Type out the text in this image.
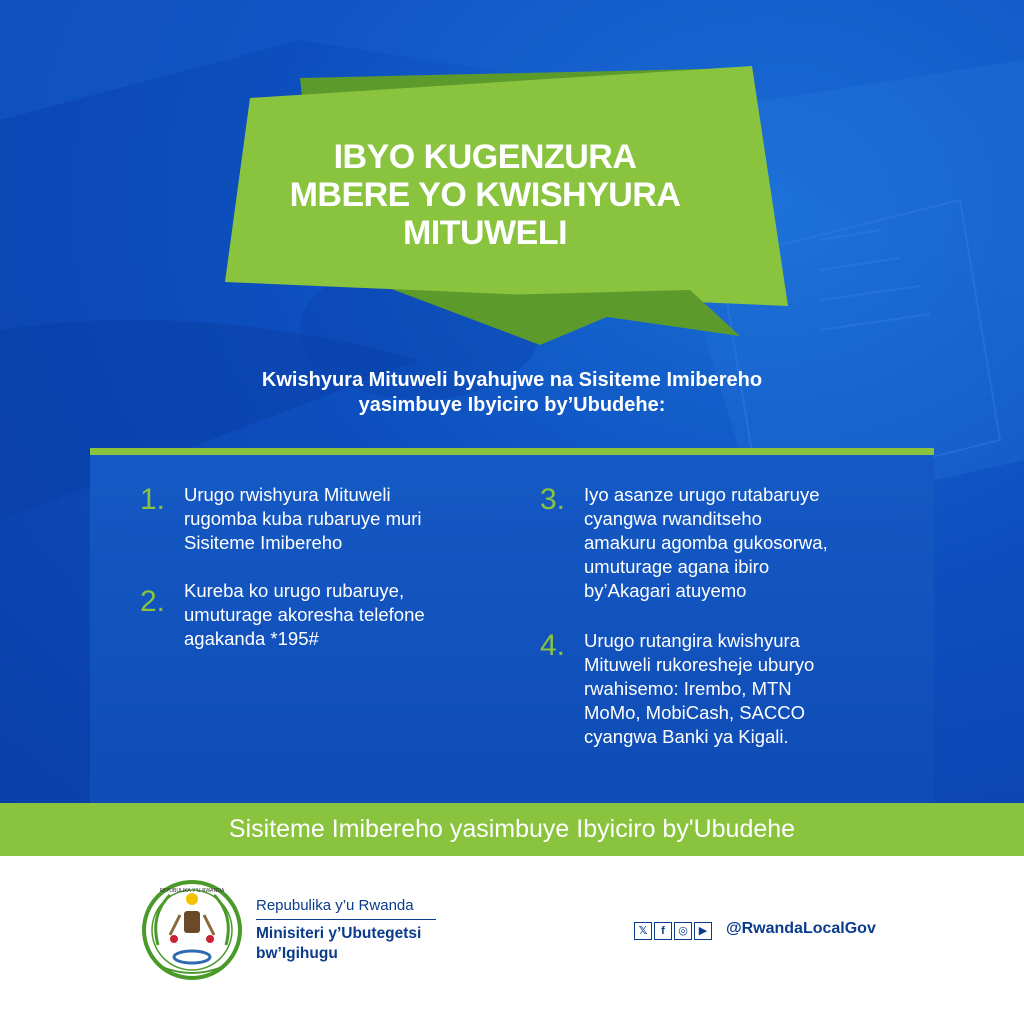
IBYO KUGENZURA
MBERE YO KWISHYURA
MITUWELI
Kwishyura Mituweli byahujwe na Sisiteme Imibereho
yasimbuye Ibyiciro by’Ubudehe:
1.	Urugo rwishyura Mituweli
rugomba kuba rubaruye muri
Sisiteme Imibereho
2.	Kureba ko urugo rubaruye,
umuturage akoresha telefone
agakanda *195#
3.	Iyo asanze urugo rutabaruye
cyangwa rwanditseho
amakuru agomba gukosorwa,
umuturage agana ibiro
by’Akagari atuyemo
4.	Urugo rutangira kwishyura
Mituweli rukoresheje uburyo
rwahisemo: Irembo, MTN
MoMo, MobiCash, SACCO
cyangwa Banki ya Kigali.
Sisiteme Imibereho yasimbuye Ibyiciro by'Ubudehe
REPUBULIKA Y'U RWANDA
Repubulika y’u Rwanda
Minisiteri y’Ubutegetsi
bw’Igihugu
𝕏	f	◎ ▶ @RwandaLocalGov
